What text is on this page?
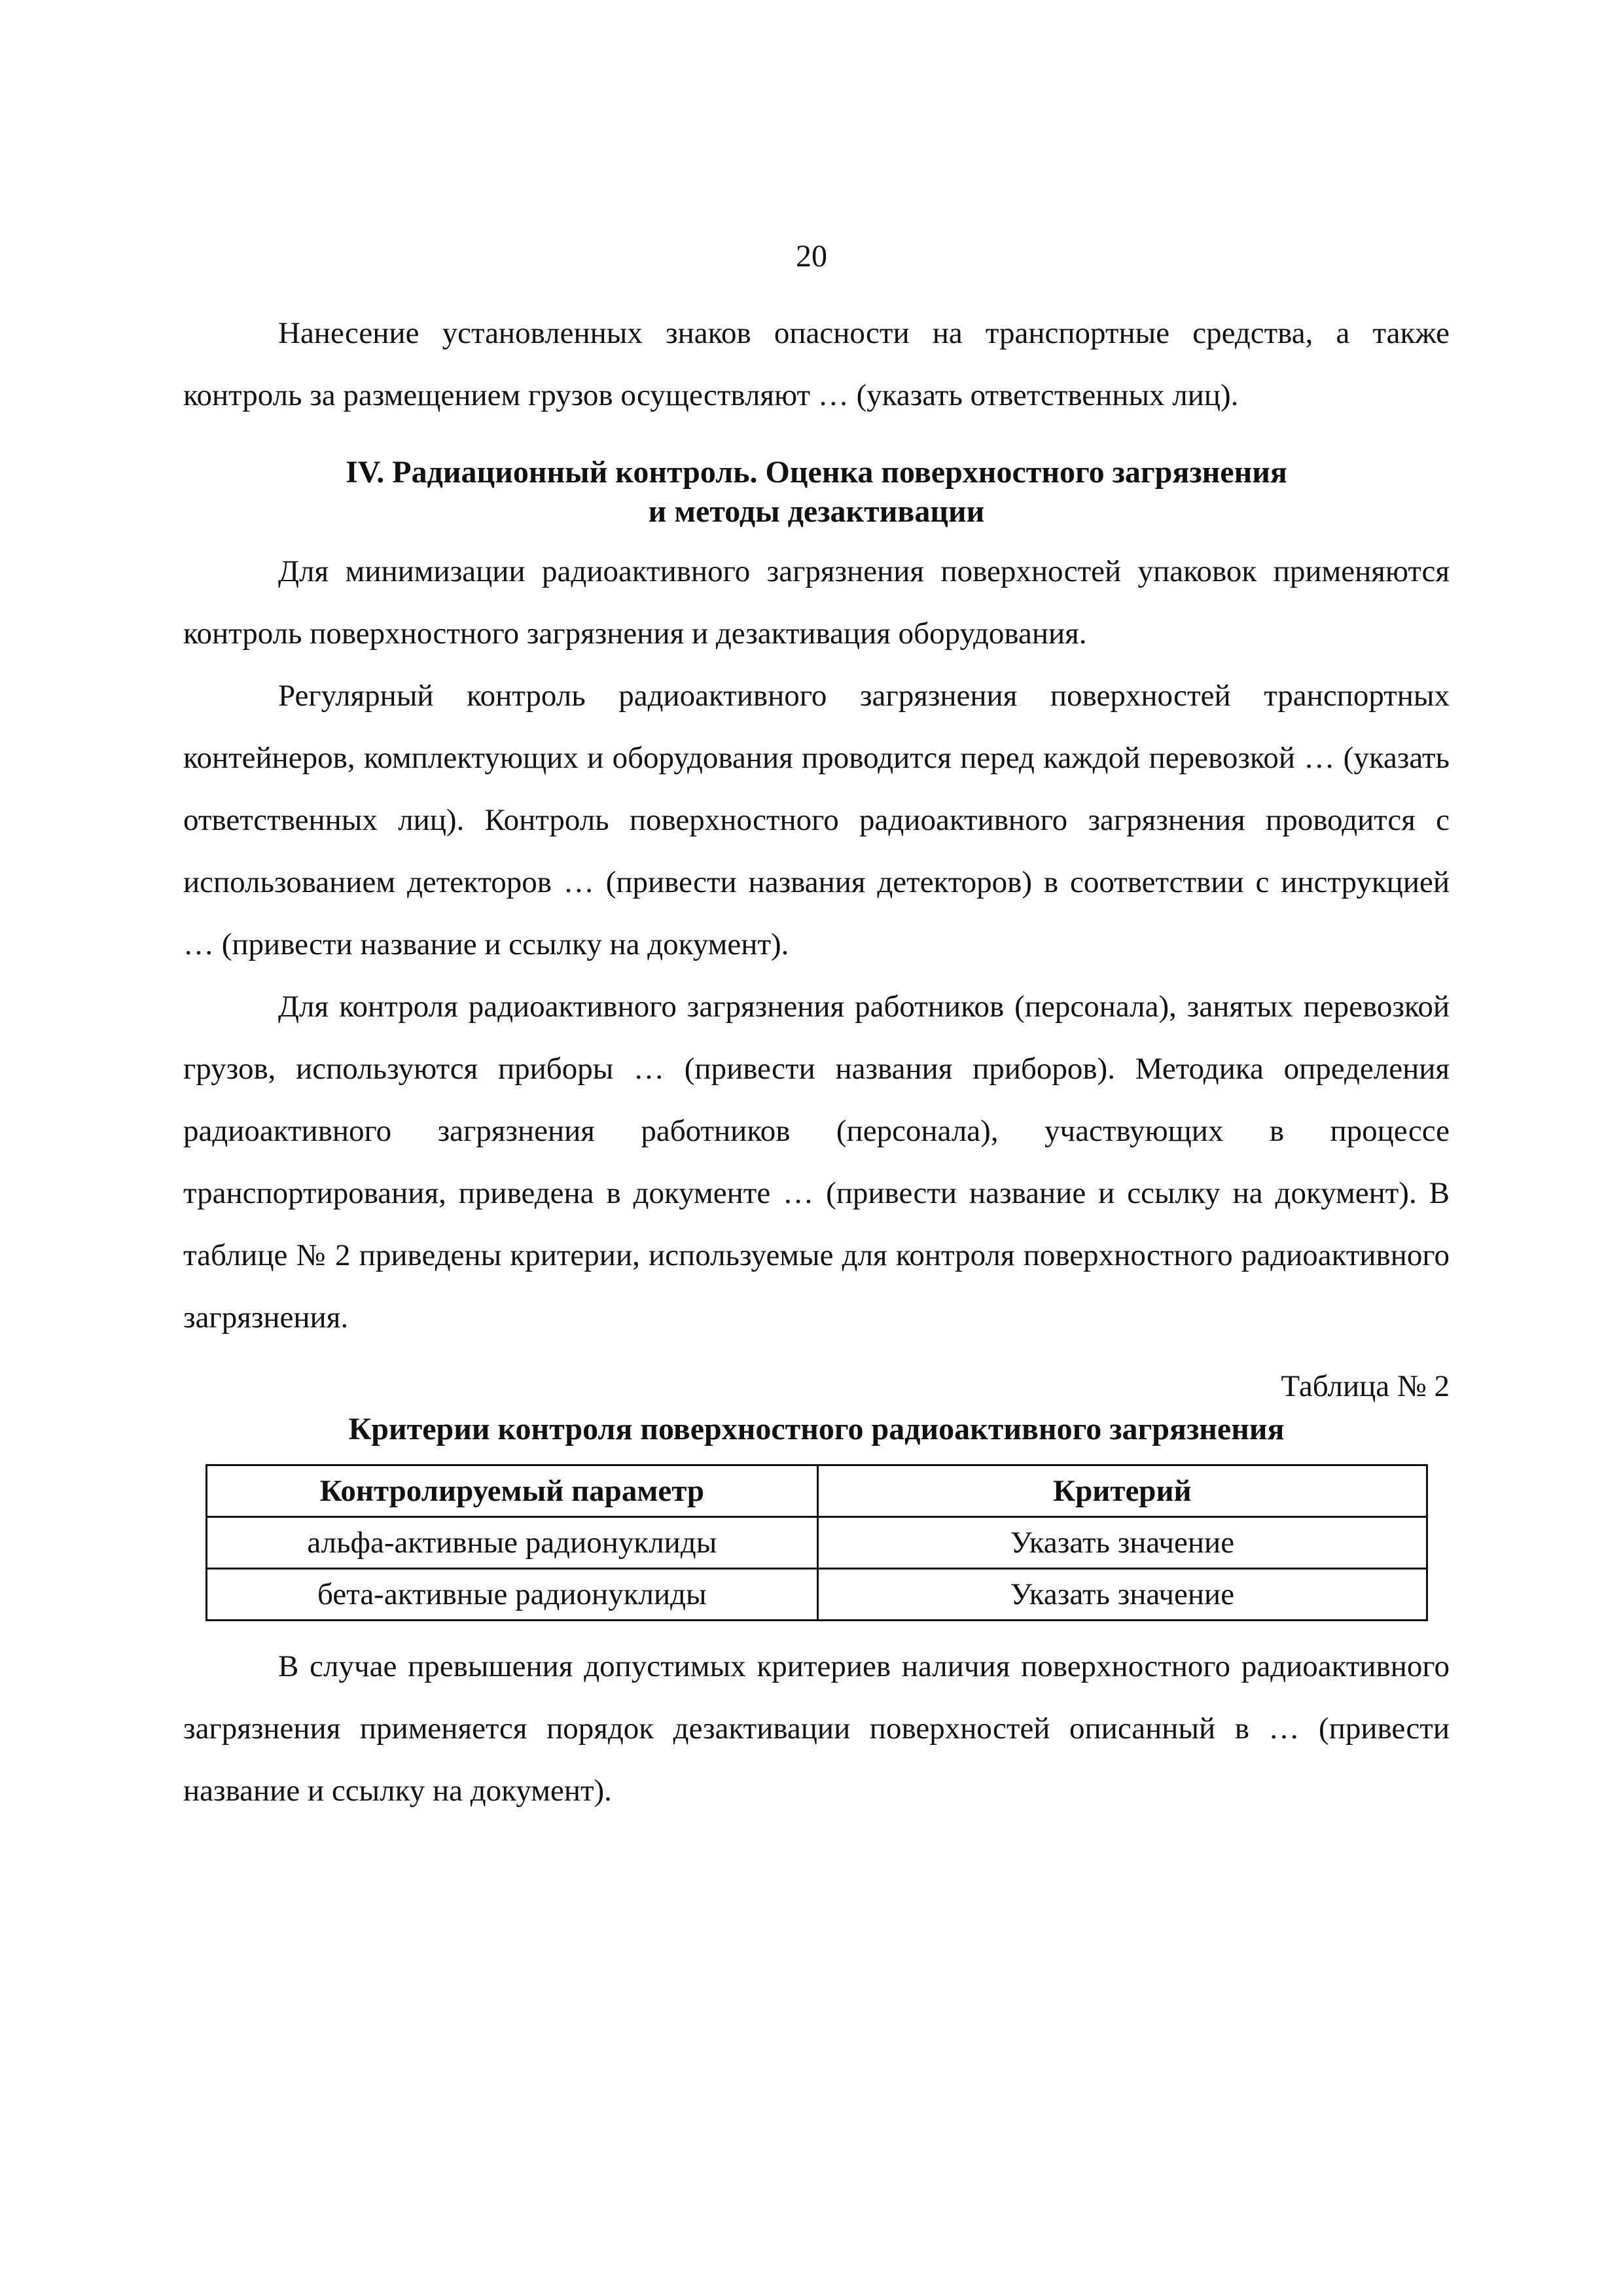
20

Нанесение установленных знаков опасности на транспортные средства, а также контроль за размещением грузов осуществляют … (указать ответственных лиц).

IV. Радиационный контроль. Оценка поверхностного загрязнения
и методы дезактивации

Для минимизации радиоактивного загрязнения поверхностей упаковок применяются контроль поверхностного загрязнения и дезактивация оборудования.

Регулярный контроль радиоактивного загрязнения поверхностей транспортных контейнеров, комплектующих и оборудования проводится перед каждой перевозкой … (указать ответственных лиц). Контроль поверхностного радиоактивного загрязнения проводится с использованием детекторов … (привести названия детекторов) в соответствии с инструкцией … (привести название и ссылку на документ).

Для контроля радиоактивного загрязнения работников (персонала), занятых перевозкой грузов, используются приборы … (привести названия приборов). Методика определения радиоактивного загрязнения работников (персонала), участвующих в процессе транспортирования, приведена в документе … (привести название и ссылку на документ). В таблице № 2 приведены критерии, используемые для контроля поверхностного радиоактивного загрязнения.

Таблица № 2
Критерии контроля поверхностного радиоактивного загрязнения
Контролируемый параметр	Критерий
альфа-активные радионуклиды	Указать значение
бета-активные радионуклиды	Указать значение

В случае превышения допустимых критериев наличия поверхностного радиоактивного загрязнения применяется порядок дезактивации поверхностей описанный в … (привести название и ссылку на документ).
